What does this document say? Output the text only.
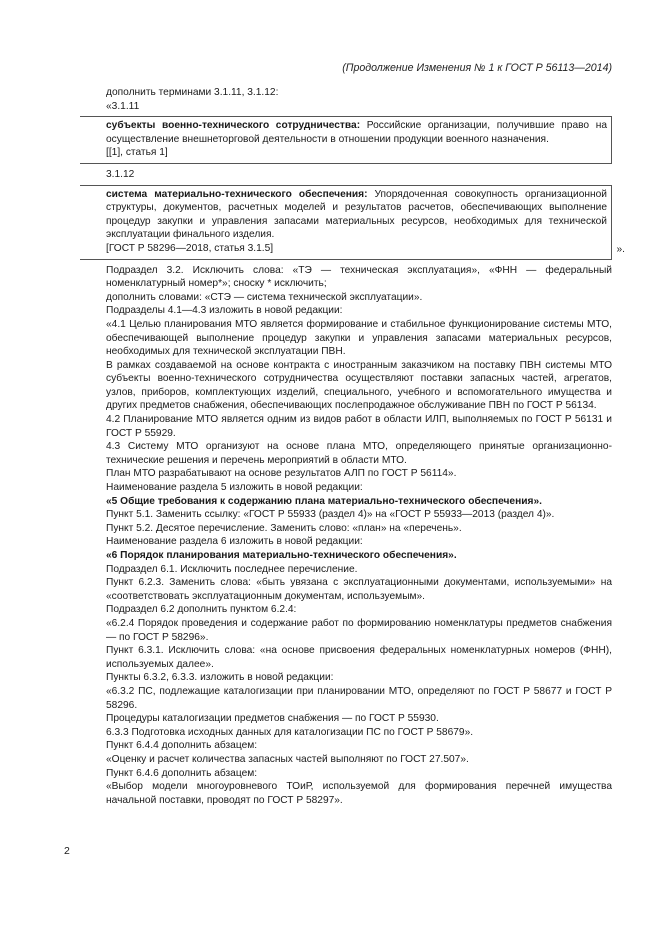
(Продолжение Изменения № 1 к ГОСТ Р 56113—2014)

дополнить терминами 3.1.11, 3.1.12:

«3.1.11

субъекты военно-технического сотрудничества: Российские организации, получившие право на осуществление внешнеторговой деятельности в отношении продукции военного назначения.

[[1], статья 1]

3.1.12

система материально-технического обеспечения: Упорядоченная совокупность организационной структуры, документов, расчетных моделей и результатов расчетов, обеспечивающих выполнение процедур закупки и управления запасами материальных ресурсов, необходимых для технической эксплуатации финального изделия.

[ГОСТ Р 58296—2018, статья 3.1.5]	».

Подраздел 3.2. Исключить слова: «ТЭ — техническая эксплуатация», «ФНН — федеральный номенклатурный номер*»; сноску * исключить;

дополнить словами: «СТЭ — система технической эксплуатации».

Подразделы 4.1—4.3 изложить в новой редакции:

«4.1 Целью планирования МТО является формирование и стабильное функционирование системы МТО, обеспечивающей выполнение процедур закупки и управления запасами материальных ресурсов, необходимых для технической эксплуатации ПВН.

В рамках создаваемой на основе контракта с иностранным заказчиком на поставку ПВН системы МТО субъекты военно-технического сотрудничества осуществляют поставки запасных частей, агрегатов, узлов, приборов, комплектующих изделий, специального, учебного и вспомогательного имущества и других предметов снабжения, обеспечивающих послепродажное обслуживание ПВН по ГОСТ Р 56134.

4.2 Планирование МТО является одним из видов работ в области ИЛП, выполняемых по ГОСТ Р 56131 и ГОСТ Р 55929.

4.3 Систему МТО организуют на основе плана МТО, определяющего принятые организационно-технические решения и перечень мероприятий в области МТО.

План МТО разрабатывают на основе результатов АЛП по ГОСТ Р 56114».

Наименование раздела 5 изложить в новой редакции:

«5 Общие требования к содержанию плана материально-технического обеспечения».

Пункт 5.1. Заменить ссылку: «ГОСТ Р 55933 (раздел 4)» на «ГОСТ Р 55933—2013 (раздел 4)».

Пункт 5.2. Десятое перечисление. Заменить слово: «план» на «перечень».

Наименование раздела 6 изложить в новой редакции:

«6 Порядок планирования материально-технического обеспечения».

Подраздел 6.1. Исключить последнее перечисление.

Пункт 6.2.3. Заменить слова: «быть увязана с эксплуатационными документами, используемыми» на «соответствовать эксплуатационным документам, используемым».

Подраздел 6.2 дополнить пунктом 6.2.4:

«6.2.4 Порядок проведения и содержание работ по формированию номенклатуры предметов снабжения — по ГОСТ Р 58296».

Пункт 6.3.1. Исключить слова: «на основе присвоения федеральных номенклатурных номеров (ФНН), используемых далее».

Пункты 6.3.2, 6.3.3. изложить в новой редакции:

«6.3.2 ПС, подлежащие каталогизации при планировании МТО, определяют по ГОСТ Р 58677 и ГОСТ Р 58296.

Процедуры каталогизации предметов снабжения — по ГОСТ Р 55930.

6.3.3 Подготовка исходных данных для каталогизации ПС по ГОСТ Р 58679».

Пункт 6.4.4 дополнить абзацем:

«Оценку и расчет количества запасных частей выполняют по ГОСТ 27.507».

Пункт 6.4.6 дополнить абзацем:

«Выбор модели многоуровневого ТОиР, используемой для формирования перечней имущества начальной поставки, проводят по ГОСТ Р 58297».

2
